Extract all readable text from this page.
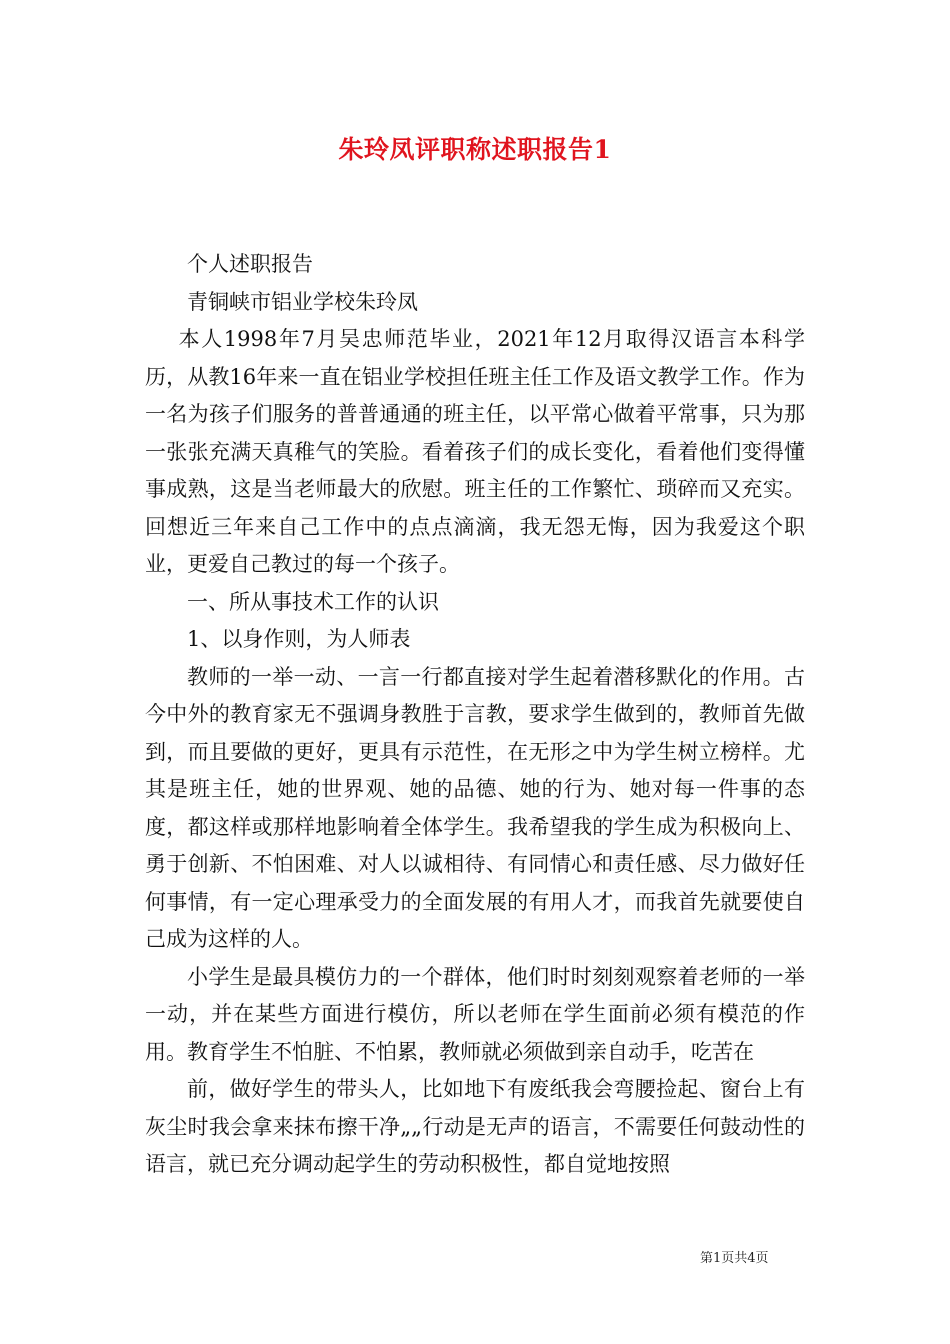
朱玲凤评职称述职报告1

个人述职报告

青铜峡市铝业学校朱玲凤

本人1998年7月吴忠师范毕业，2021年12月取得汉语言本科学历，从教16年来一直在铝业学校担任班主任工作及语文教学工作。作为一名为孩子们服务的普普通通的班主任，以平常心做着平常事，只为那一张张充满天真稚气的笑脸。看着孩子们的成长变化，看着他们变得懂事成熟，这是当老师最大的欣慰。班主任的工作繁忙、琐碎而又充实。回想近三年来自己工作中的点点滴滴，我无怨无悔，因为我爱这个职业，更爱自己教过的每一个孩子。

一、所从事技术工作的认识

1、以身作则，为人师表

教师的一举一动、一言一行都直接对学生起着潜移默化的作用。古今中外的教育家无不强调身教胜于言教，要求学生做到的，教师首先做到，而且要做的更好，更具有示范性，在无形之中为学生树立榜样。尤其是班主任，她的世界观、她的品德、她的行为、她对每一件事的态度，都这样或那样地影响着全体学生。我希望我的学生成为积极向上、勇于创新、不怕困难、对人以诚相待、有同情心和责任感、尽力做好任何事情，有一定心理承受力的全面发展的有用人才，而我首先就要使自己成为这样的人。

小学生是最具模仿力的一个群体，他们时时刻刻观察着老师的一举一动，并在某些方面进行模仿，所以老师在学生面前必须有模范的作用。教育学生不怕脏、不怕累，教师就必须做到亲自动手，吃苦在

前，做好学生的带头人，比如地下有废纸我会弯腰捡起、窗台上有灰尘时我会拿来抹布擦干净„„行动是无声的语言，不需要任何鼓动性的语言，就已充分调动起学生的劳动积极性，都自觉地按照

第1页共4页
